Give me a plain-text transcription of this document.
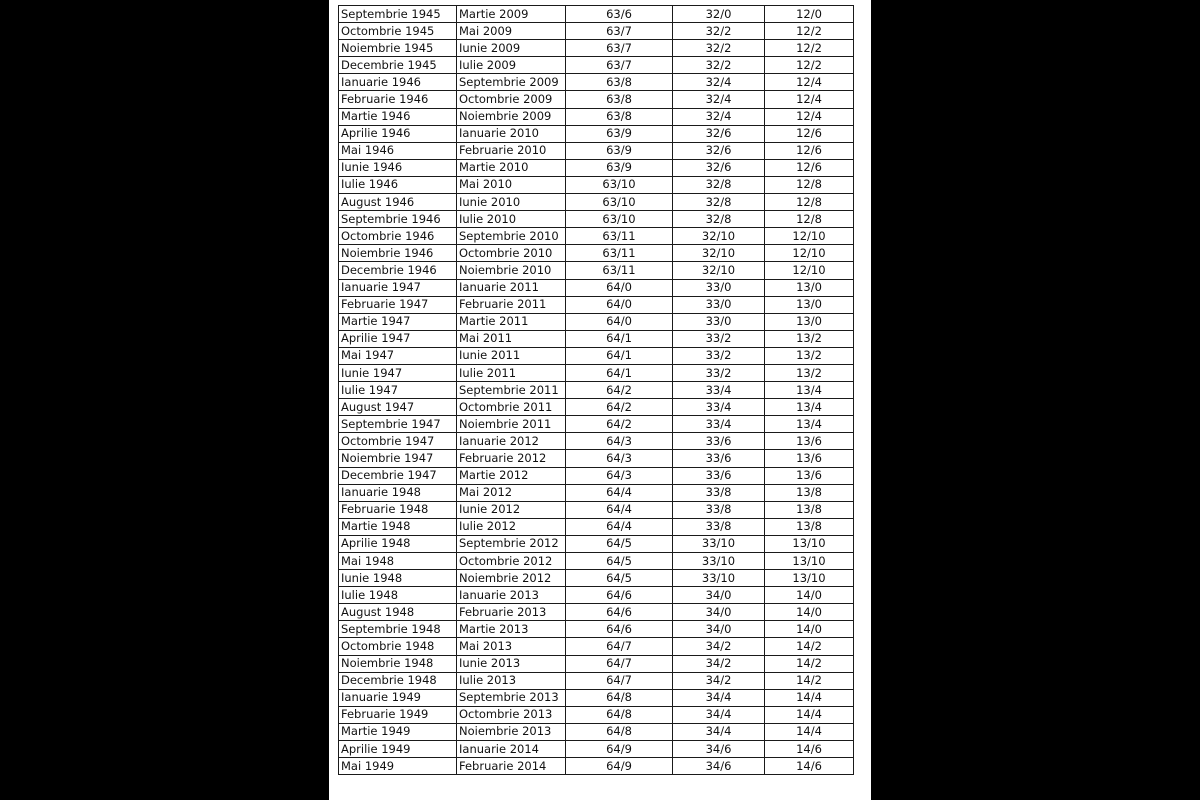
Septembrie 1945	Martie 2009	63/6	32/0	12/0
Octombrie 1945	Mai 2009	63/7	32/2	12/2
Noiembrie 1945	Iunie 2009	63/7	32/2	12/2
Decembrie 1945	Iulie 2009	63/7	32/2	12/2
Ianuarie 1946	Septembrie 2009	63/8	32/4	12/4
Februarie 1946	Octombrie 2009	63/8	32/4	12/4
Martie 1946	Noiembrie 2009	63/8	32/4	12/4
Aprilie 1946	Ianuarie 2010	63/9	32/6	12/6
Mai 1946	Februarie 2010	63/9	32/6	12/6
Iunie 1946	Martie 2010	63/9	32/6	12/6
Iulie 1946	Mai 2010	63/10	32/8	12/8
August 1946	Iunie 2010	63/10	32/8	12/8
Septembrie 1946	Iulie 2010	63/10	32/8	12/8
Octombrie 1946	Septembrie 2010	63/11	32/10	12/10
Noiembrie 1946	Octombrie 2010	63/11	32/10	12/10
Decembrie 1946	Noiembrie 2010	63/11	32/10	12/10
Ianuarie 1947	Ianuarie 2011	64/0	33/0	13/0
Februarie 1947	Februarie 2011	64/0	33/0	13/0
Martie 1947	Martie 2011	64/0	33/0	13/0
Aprilie 1947	Mai 2011	64/1	33/2	13/2
Mai 1947	Iunie 2011	64/1	33/2	13/2
Iunie 1947	Iulie 2011	64/1	33/2	13/2
Iulie 1947	Septembrie 2011	64/2	33/4	13/4
August 1947	Octombrie 2011	64/2	33/4	13/4
Septembrie 1947	Noiembrie 2011	64/2	33/4	13/4
Octombrie 1947	Ianuarie 2012	64/3	33/6	13/6
Noiembrie 1947	Februarie 2012	64/3	33/6	13/6
Decembrie 1947	Martie 2012	64/3	33/6	13/6
Ianuarie 1948	Mai 2012	64/4	33/8	13/8
Februarie 1948	Iunie 2012	64/4	33/8	13/8
Martie 1948	Iulie 2012	64/4	33/8	13/8
Aprilie 1948	Septembrie 2012	64/5	33/10	13/10
Mai 1948	Octombrie 2012	64/5	33/10	13/10
Iunie 1948	Noiembrie 2012	64/5	33/10	13/10
Iulie 1948	Ianuarie 2013	64/6	34/0	14/0
August 1948	Februarie 2013	64/6	34/0	14/0
Septembrie 1948	Martie 2013	64/6	34/0	14/0
Octombrie 1948	Mai 2013	64/7	34/2	14/2
Noiembrie 1948	Iunie 2013	64/7	34/2	14/2
Decembrie 1948	Iulie 2013	64/7	34/2	14/2
Ianuarie 1949	Septembrie 2013	64/8	34/4	14/4
Februarie 1949	Octombrie 2013	64/8	34/4	14/4
Martie 1949	Noiembrie 2013	64/8	34/4	14/4
Aprilie 1949	Ianuarie 2014	64/9	34/6	14/6
Mai 1949	Februarie 2014	64/9	34/6	14/6
